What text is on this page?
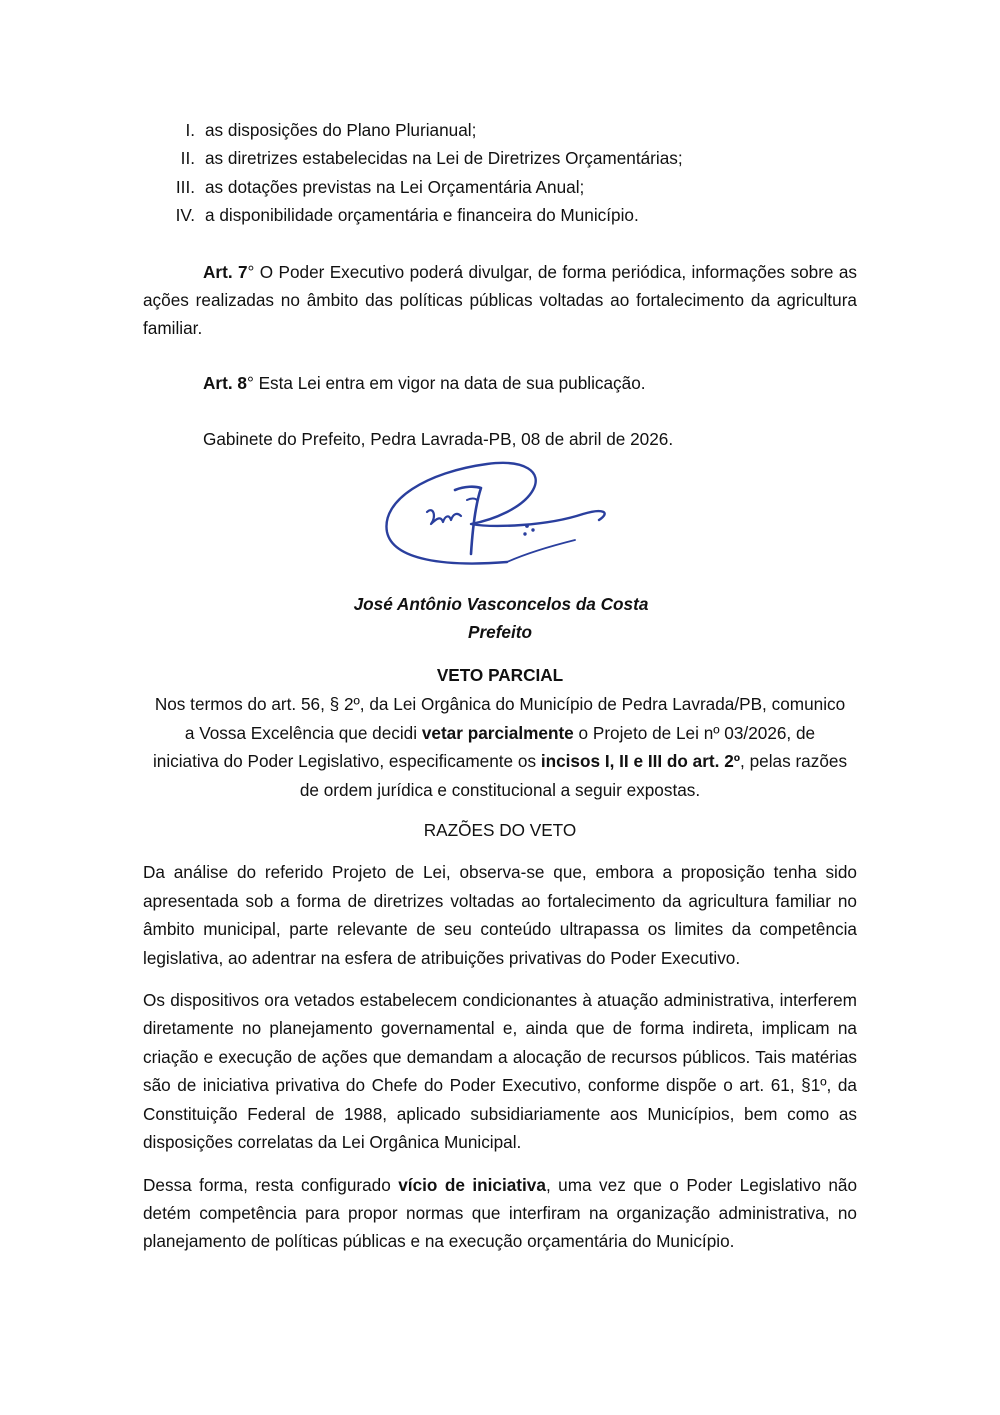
I. as disposições do Plano Plurianual;
II. as diretrizes estabelecidas na Lei de Diretrizes Orçamentárias;
III. as dotações previstas na Lei Orçamentária Anual;
IV. a disponibilidade orçamentária e financeira do Município.

Art. 7° O Poder Executivo poderá divulgar, de forma periódica, informações sobre as ações realizadas no âmbito das políticas públicas voltadas ao fortalecimento da agricultura familiar.

Art. 8° Esta Lei entra em vigor na data de sua publicação.

Gabinete do Prefeito, Pedra Lavrada-PB, 08 de abril de 2026.

José Antônio Vasconcelos da Costa
Prefeito
VETO PARCIAL
Nos termos do art. 56, § 2º, da Lei Orgânica do Município de Pedra Lavrada/PB, comunico a Vossa Excelência que decidi vetar parcialmente o Projeto de Lei nº 03/2026, de iniciativa do Poder Legislativo, especificamente os incisos I, II e III do art. 2º, pelas razões de ordem jurídica e constitucional a seguir expostas.
RAZÕES DO VETO
Da análise do referido Projeto de Lei, observa-se que, embora a proposição tenha sido apresentada sob a forma de diretrizes voltadas ao fortalecimento da agricultura familiar no âmbito municipal, parte relevante de seu conteúdo ultrapassa os limites da competência legislativa, ao adentrar na esfera de atribuições privativas do Poder Executivo.
Os dispositivos ora vetados estabelecem condicionantes à atuação administrativa, interferem diretamente no planejamento governamental e, ainda que de forma indireta, implicam na criação e execução de ações que demandam a alocação de recursos públicos. Tais matérias são de iniciativa privativa do Chefe do Poder Executivo, conforme dispõe o art. 61, §1º, da Constituição Federal de 1988, aplicado subsidiariamente aos Municípios, bem como as disposições correlatas da Lei Orgânica Municipal.
Dessa forma, resta configurado vício de iniciativa, uma vez que o Poder Legislativo não detém competência para propor normas que interfiram na organização administrativa, no planejamento de políticas públicas e na execução orçamentária do Município.
